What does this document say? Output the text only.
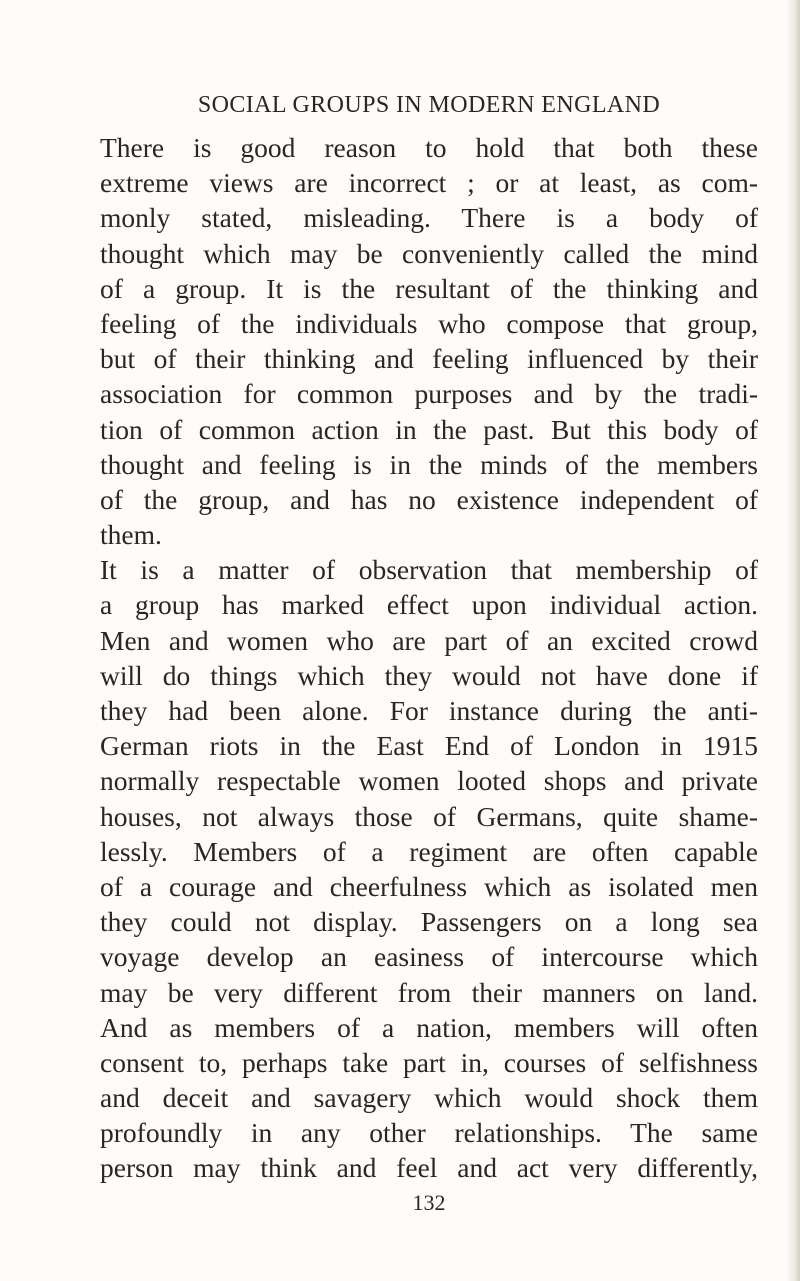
SOCIAL GROUPS IN MODERN ENGLAND
There is good reason to hold that both these
extreme views are incorrect ; or at least, as com-
monly stated, misleading. There is a body of
thought which may be conveniently called the mind
of a group. It is the resultant of the thinking and
feeling of the individuals who compose that group,
but of their thinking and feeling influenced by their
association for common purposes and by the tradi-
tion of common action in the past. But this body of
thought and feeling is in the minds of the members
of the group, and has no existence independent of
them.
It is a matter of observation that membership of
a group has marked effect upon individual action.
Men and women who are part of an excited crowd
will do things which they would not have done if
they had been alone. For instance during the anti-
German riots in the East End of London in 1915
normally respectable women looted shops and private
houses, not always those of Germans, quite shame-
lessly. Members of a regiment are often capable
of a courage and cheerfulness which as isolated men
they could not display. Passengers on a long sea
voyage develop an easiness of intercourse which
may be very different from their manners on land.
And as members of a nation, members will often
consent to, perhaps take part in, courses of selfishness
and deceit and savagery which would shock them
profoundly in any other relationships. The same
person may think and feel and act very differently,
132
